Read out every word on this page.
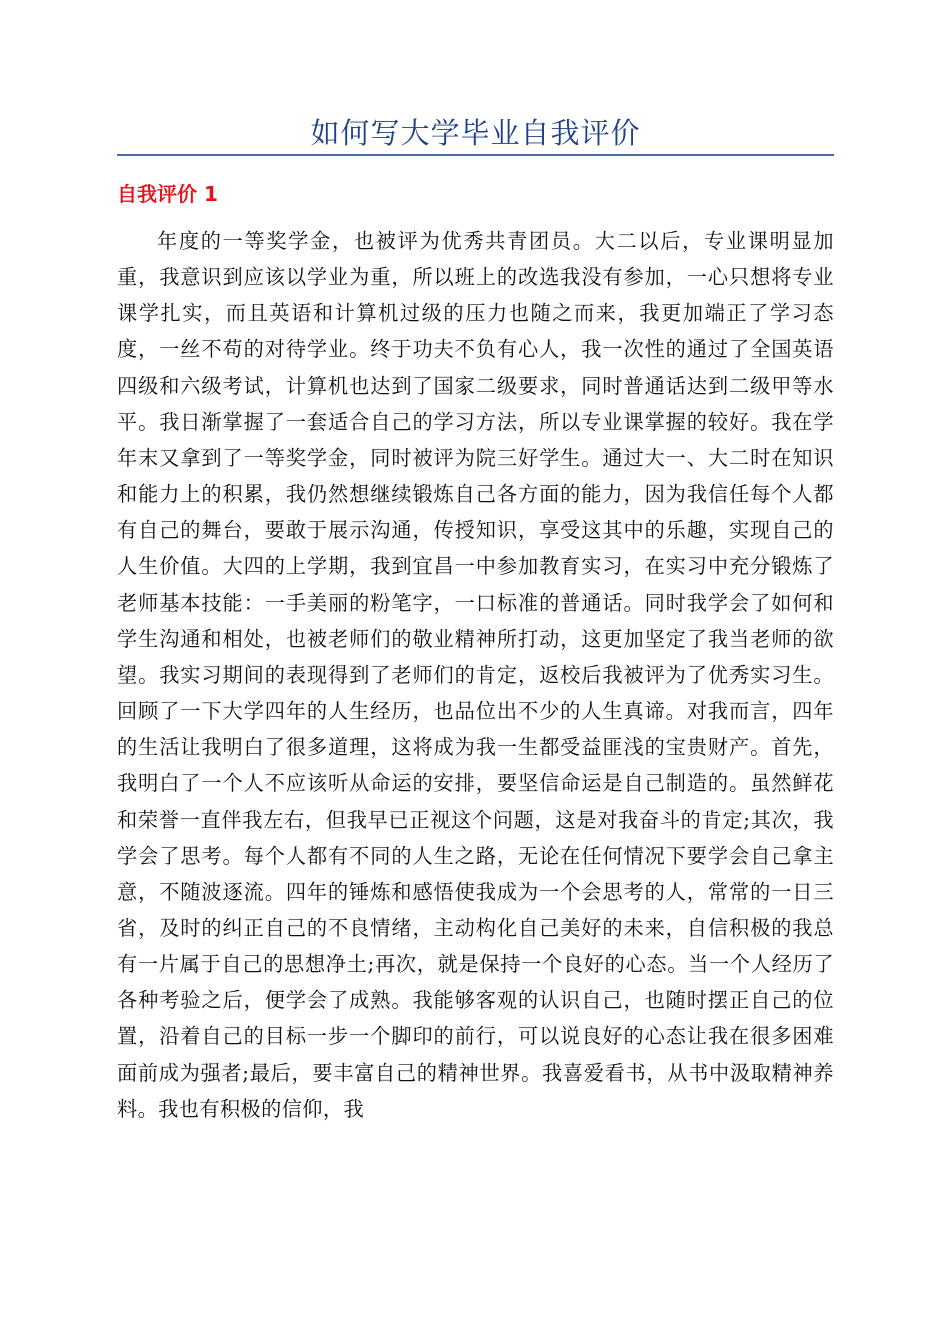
如何写大学毕业自我评价
自我评价 1

年度的一等奖学金，也被评为优秀共青团员。大二以后，专业课明显加重，我意识到应该以学业为重，所以班上的改选我没有参加，一心只想将专业课学扎实，而且英语和计算机过级的压力也随之而来，我更加端正了学习态度，一丝不苟的对待学业。终于功夫不负有心人，我一次性的通过了全国英语四级和六级考试，计算机也达到了国家二级要求，同时普通话达到二级甲等水平。我日渐掌握了一套适合自己的学习方法，所以专业课掌握的较好。我在学年末又拿到了一等奖学金，同时被评为院三好学生。通过大一、大二时在知识和能力上的积累，我仍然想继续锻炼自己各方面的能力，因为我信任每个人都有自己的舞台，要敢于展示沟通，传授知识，享受这其中的乐趣，实现自己的人生价值。大四的上学期，我到宜昌一中参加教育实习，在实习中充分锻炼了老师基本技能：一手美丽的粉笔字，一口标准的普通话。同时我学会了如何和学生沟通和相处，也被老师们的敬业精神所打动，这更加坚定了我当老师的欲望。我实习期间的表现得到了老师们的肯定，返校后我被评为了优秀实习生。回顾了一下大学四年的人生经历，也品位出不少的人生真谛。对我而言，四年的生活让我明白了很多道理，这将成为我一生都受益匪浅的宝贵财产。首先，我明白了一个人不应该听从命运的安排，要坚信命运是自己制造的。虽然鲜花和荣誉一直伴我左右，但我早已正视这个问题，这是对我奋斗的肯定;其次，我学会了思考。每个人都有不同的人生之路，无论在任何情况下要学会自己拿主意，不随波逐流。四年的锤炼和感悟使我成为一个会思考的人，常常的一日三省，及时的纠正自己的不良情绪，主动构化自己美好的未来，自信积极的我总有一片属于自己的思想净土;再次，就是保持一个良好的心态。当一个人经历了各种考验之后，便学会了成熟。我能够客观的认识自己，也随时摆正自己的位置，沿着自己的目标一步一个脚印的前行，可以说良好的心态让我在很多困难面前成为强者;最后，要丰富自己的精神世界。我喜爱看书，从书中汲取精神养料。我也有积极的信仰，我
